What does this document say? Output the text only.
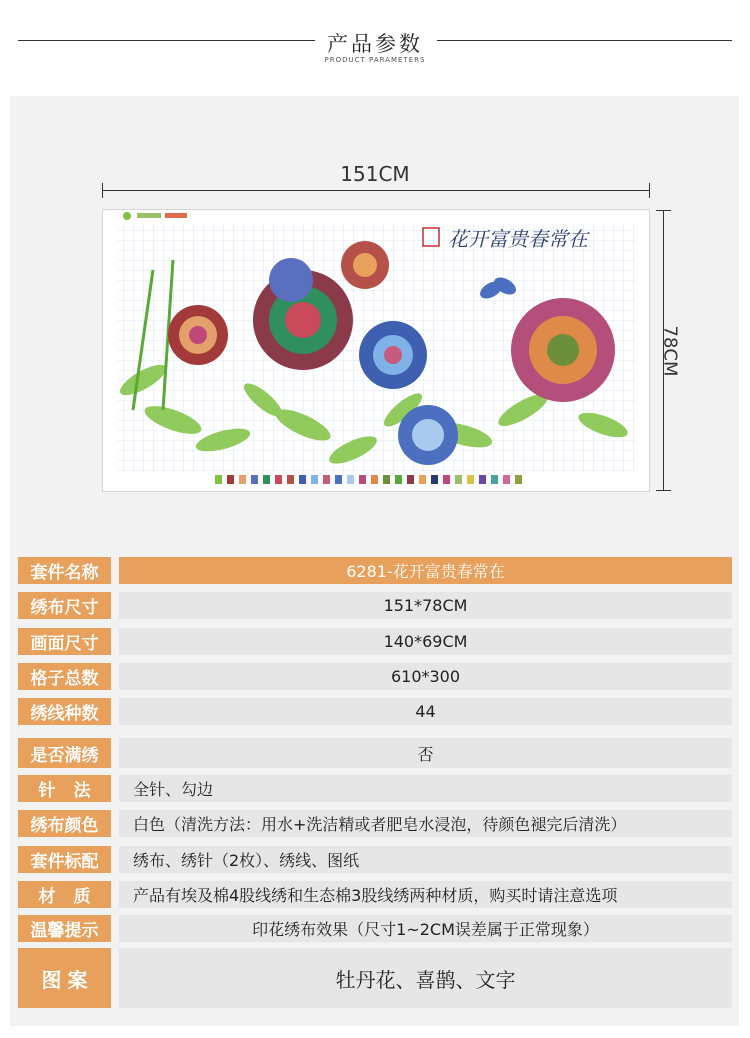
产品参数
PRODUCT PARAMETERS
151CM
78CM
花开富贵春常在
套件名称	6281-花开富贵春常在
绣布尺寸	151*78CM
画面尺寸	140*69CM
格子总数	610*300
绣线种数	44
是否满绣	否
针法	全针、勾边
绣布颜色	白色（清洗方法：用水+洗洁精或者肥皂水浸泡，待颜色褪完后清洗）
套件标配	绣布、绣针（2枚）、绣线、图纸
材质	产品有埃及棉4股线绣和生态棉3股线绣两种材质，购买时请注意选项
温馨提示	印花绣布效果（尺寸1~2CM误差属于正常现象）
图案	牡丹花、喜鹊、文字
